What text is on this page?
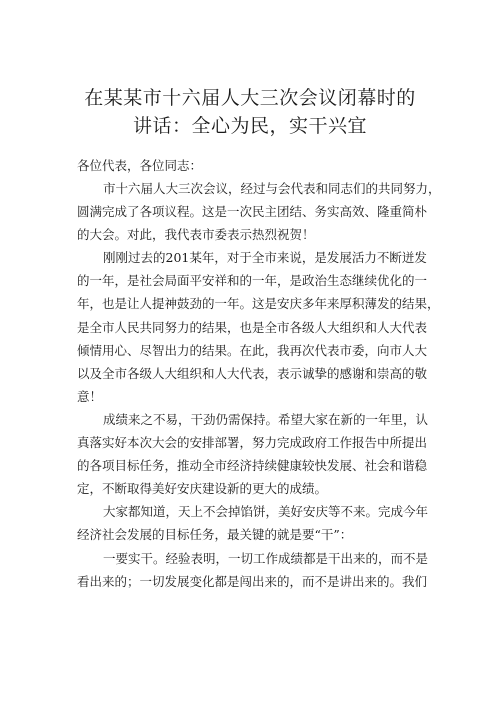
在某某市十六届人大三次会议闭幕时的
讲话：全心为民，实干兴宜

各位代表，各位同志：

市十六届人大三次会议，经过与会代表和同志们的共同努力，

圆满完成了各项议程。这是一次民主团结、务实高效、隆重简朴

的大会。对此，我代表市委表示热烈祝贺！

刚刚过去的201某年，对于全市来说，是发展活力不断迸发

的一年，是社会局面平安祥和的一年，是政治生态继续优化的一

年，也是让人提神鼓劲的一年。这是安庆多年来厚积薄发的结果，

是全市人民共同努力的结果，也是全市各级人大组织和人大代表

倾情用心、尽智出力的结果。在此，我再次代表市委，向市人大

以及全市各级人大组织和人大代表，表示诚挚的感谢和崇高的敬

意！

成绩来之不易，干劲仍需保持。希望大家在新的一年里，认

真落实好本次大会的安排部署，努力完成政府工作报告中所提出

的各项目标任务，推动全市经济持续健康较快发展、社会和谐稳

定，不断取得美好安庆建设新的更大的成绩。

大家都知道，天上不会掉馅饼，美好安庆等不来。完成今年

经济社会发展的目标任务，最关键的就是要“干”：

一要实干。经验表明，一切工作成绩都是干出来的，而不是

看出来的；一切发展变化都是闯出来的，而不是讲出来的。我们
